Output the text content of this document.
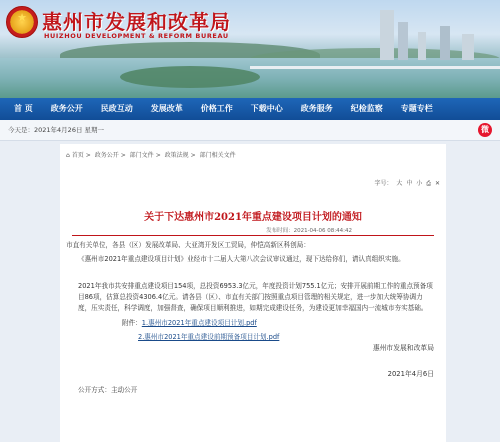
★ 惠州市发展和改革局
HUIZHOU DEVELOPMENT & REFORM BUREAU
首 页	政务公开	民政互动	发展改革	价格工作	下载中心	政务服务	纪检监察	专题专栏
今天是：2021年4月26日 星期一	微
⌂ 首页 > 政务公开 > 部门文件 > 政策法规 > 部门相关文件
字号： 大 中 小 ⎙ ✕
关于下达惠州市2021年重点建设项目计划的通知
发布时间：2021-04-06 08:44:42
市直有关单位，各县（区）发展改革局、大亚湾开发区工贸局，仲恺高新区科创局：
《惠州市2021年重点建设项目计划》业经市十二届人大第八次会议审议通过，现下达给你们，请认真组织实施。
2021年我市共安排重点建设项目154项，总投资6953.3亿元，年度投资计划755.1亿元；安排开展前期工作的重点预备项目86项，估算总投资4306.4亿元。请各县（区）、市直有关部门按照重点项目管理的相关规定，进一步加大统筹协调力度，压实责任，科学调度，加强督查，确保项目顺利推进，如期完成建设任务，为建设更加幸福国内一流城市夯实基础。
附件：1.惠州市2021年重点建设项目计划.pdf
2.惠州市2021年重点建设前期预备项目计划.pdf
惠州市发展和改革局
2021年4月6日
公开方式：主动公开
